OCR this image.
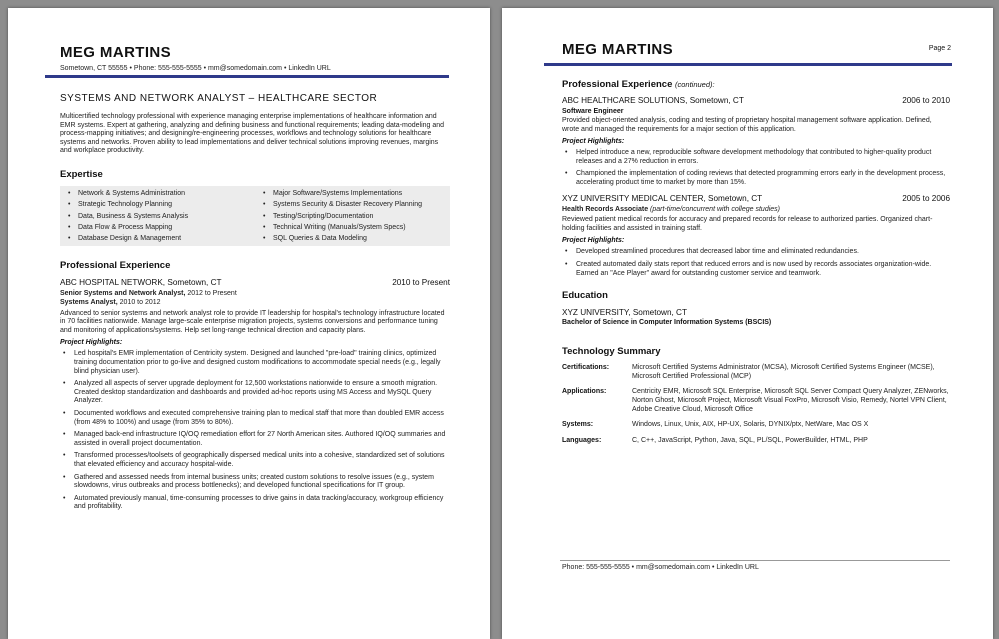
MEG MARTINS
Sometown, CT 55555 • Phone: 555-555-5555 • mm@somedomain.com • LinkedIn URL
SYSTEMS AND NETWORK ANALYST – HEALTHCARE SECTOR
Multicertified technology professional with experience managing enterprise implementations of healthcare information and EMR systems. Expert at gathering, analyzing and defining business and functional requirements; leading data-modeling and process-mapping initiatives; and designing/re-engineering processes, workflows and technology solutions for healthcare systems and networks. Proven ability to lead implementations and deliver technical solutions improving revenues, margins and workplace productivity.
Expertise
• Network & Systems Administration
• Strategic Technology Planning
• Data, Business & Systems Analysis
• Data Flow & Process Mapping
• Database Design & Management
• Major Software/Systems Implementations
• Systems Security & Disaster Recovery Planning
• Testing/Scripting/Documentation
• Technical Writing (Manuals/System Specs)
• SQL Queries & Data Modeling
Professional Experience
ABC HOSPITAL NETWORK, Sometown, CT	2010 to Present
Senior Systems and Network Analyst, 2012 to Present
Systems Analyst, 2010 to 2012
Advanced to senior systems and network analyst role to provide IT leadership for hospital's technology infrastructure located in 70 facilities nationwide. Manage large-scale enterprise migration projects, systems conversions and performance tuning and monitoring of applications/systems. Help set long-range technical direction and capacity plans.
Project Highlights:
• Led hospital's EMR implementation of Centricity system. Designed and launched "pre-load" training clinics, optimized training documentation prior to go-live and designed custom modifications to accommodate special needs (e.g., legally blind physician user).
• Analyzed all aspects of server upgrade deployment for 12,500 workstations nationwide to ensure a smooth migration. Created desktop standardization and dashboards and provided ad-hoc reports using MS Access and MySQL Query Analyzer.
• Documented workflows and executed comprehensive training plan to medical staff that more than doubled EMR access (from 48% to 100%) and usage (from 35% to 80%).
• Managed back-end infrastructure IQ/OQ remediation effort for 27 North American sites. Authored IQ/OQ summaries and assisted in overall project documentation.
• Transformed processes/toolsets of geographically dispersed medical units into a cohesive, standardized set of solutions that elevated efficiency and accuracy hospital-wide.
• Gathered and assessed needs from internal business units; created custom solutions to resolve issues (e.g., system slowdowns, virus outbreaks and process bottlenecks); and developed functional specifications for IT group.
• Automated previously manual, time-consuming processes to drive gains in data tracking/accuracy, workgroup efficiency and profitability.
MEG MARTINS	Page 2
Professional Experience (continued):
ABC HEALTHCARE SOLUTIONS, Sometown, CT	2006 to 2010
Software Engineer
Provided object-oriented analysis, coding and testing of proprietary hospital management software application. Defined, wrote and managed the requirements for a major section of this application.
Project Highlights:
• Helped introduce a new, reproducible software development methodology that contributed to higher-quality product releases and a 27% reduction in errors.
• Championed the implementation of coding reviews that detected programming errors early in the development process, accelerating product time to market by more than 15%.
XYZ UNIVERSITY MEDICAL CENTER, Sometown, CT	2005 to 2006
Health Records Associate (part-time/concurrent with college studies)
Reviewed patient medical records for accuracy and prepared records for release to authorized parties. Organized chart-holding facilities and assisted in training staff.
Project Highlights:
• Developed streamlined procedures that decreased labor time and eliminated redundancies.
• Created automated daily stats report that reduced errors and is now used by records associates organization-wide. Earned an "Ace Player" award for outstanding customer service and teamwork.
Education
XYZ UNIVERSITY, Sometown, CT
Bachelor of Science in Computer Information Systems (BSCIS)
Technology Summary
Certifications:	Microsoft Certified Systems Administrator (MCSA), Microsoft Certified Systems Engineer (MCSE), Microsoft Certified Professional (MCP)
Applications:	Centricity EMR, Microsoft SQL Enterprise, Microsoft SQL Server Compact Query Analyzer, ZENworks, Norton Ghost, Microsoft Project, Microsoft Visual FoxPro, Microsoft Visio, Remedy, Nortel VPN Client, Adobe Creative Cloud, Microsoft Office
Systems:	Windows, Linux, Unix, AIX, HP-UX, Solaris, DYNIX/ptx, NetWare, Mac OS X
Languages:	C, C++, JavaScript, Python, Java, SQL, PL/SQL, PowerBuilder, HTML, PHP
Phone: 555-555-5555 • mm@somedomain.com • LinkedIn URL
